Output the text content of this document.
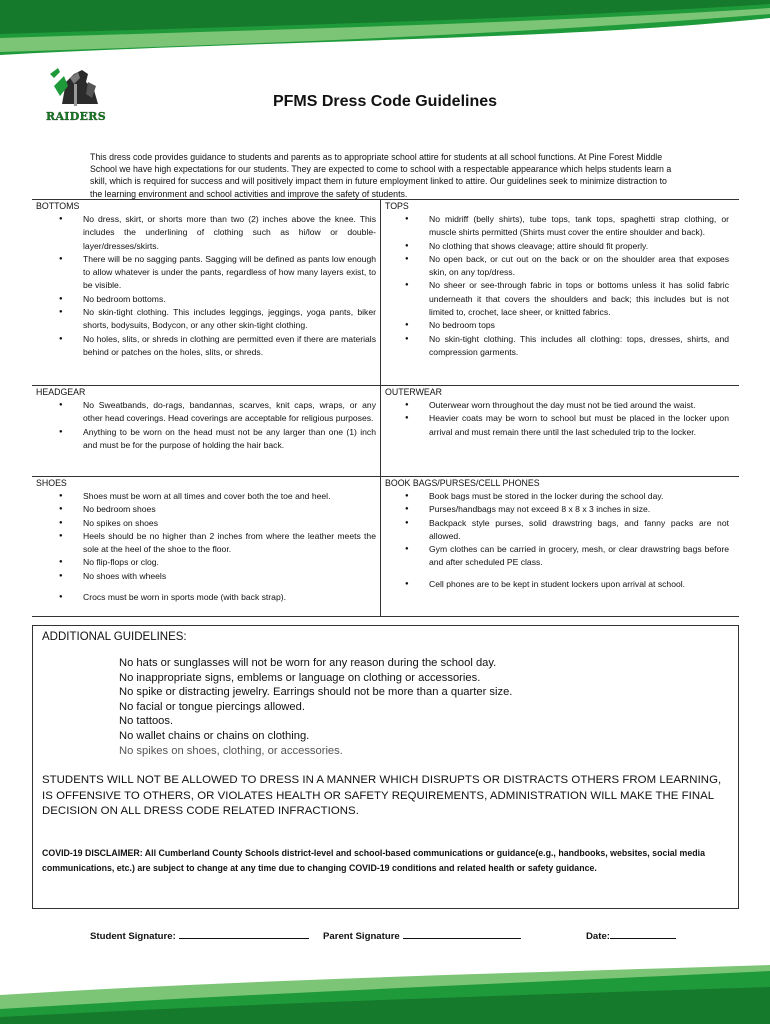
RAIDERS
PFMS Dress Code Guidelines
This dress code provides guidance to students and parents as to appropriate school attire for students at all school functions. At Pine Forest Middle School we have high expectations for our students. They are expected to come to school with a respectable appearance which helps students learn a skill, which is required for success and will positively impact them in future employment linked to attire. Our guidelines seek to minimize distraction to the learning environment and school activities and improve the safety of students.
BOTTOMS
● No dress, skirt, or shorts more than two (2) inches above the knee. This includes the underlining of clothing such as hi/low or double-layer/dresses/skirts.
● There will be no sagging pants. Sagging will be defined as pants low enough to allow whatever is under the pants, regardless of how many layers exist, to be visible.
● No bedroom bottoms.
● No skin-tight clothing. This includes leggings, jeggings, yoga pants, biker shorts, bodysuits, Bodycon, or any other skin-tight clothing.
● No holes, slits, or shreds in clothing are permitted even if there are materials behind or patches on the holes, slits, or shreds.
TOPS
● No midriff (belly shirts), tube tops, tank tops, spaghetti strap clothing, or muscle shirts permitted (Shirts must cover the entire shoulder and back).
● No clothing that shows cleavage; attire should fit properly.
● No open back, or cut out on the back or on the shoulder area that exposes skin, on any top/dress.
● No sheer or see-through fabric in tops or bottoms unless it has solid fabric underneath it that covers the shoulders and back; this includes but is not limited to, crochet, lace sheer, or knitted fabrics.
● No bedroom tops
● No skin-tight clothing. This includes all clothing: tops, dresses, shirts, and compression garments.
HEADGEAR
● No Sweatbands, do-rags, bandannas, scarves, knit caps, wraps, or any other head coverings. Head coverings are acceptable for religious purposes.
● Anything to be worn on the head must not be any larger than one (1) inch and must be for the purpose of holding the hair back.
OUTERWEAR
● Outerwear worn throughout the day must not be tied around the waist.
● Heavier coats may be worn to school but must be placed in the locker upon arrival and must remain there until the last scheduled trip to the locker.
SHOES
● Shoes must be worn at all times and cover both the toe and heel.
● No bedroom shoes
● No spikes on shoes
● Heels should be no higher than 2 inches from where the leather meets the sole at the heel of the shoe to the floor.
● No flip-flops or clog.
● No shoes with wheels
● Crocs must be worn in sports mode (with back strap).
BOOK BAGS/PURSES/CELL PHONES
● Book bags must be stored in the locker during the school day.
● Purses/handbags may not exceed 8 x 8 x 3 inches in size.
● Backpack style purses, solid drawstring bags, and fanny packs are not allowed.
● Gym clothes can be carried in grocery, mesh, or clear drawstring bags before and after scheduled PE class.
● Cell phones are to be kept in student lockers upon arrival at school.
ADDITIONAL GUIDELINES:
No hats or sunglasses will not be worn for any reason during the school day.
No inappropriate signs, emblems or language on clothing or accessories.
No spike or distracting jewelry. Earrings should not be more than a quarter size.
No facial or tongue piercings allowed.
No tattoos.
No wallet chains or chains on clothing.
No spikes on shoes, clothing, or accessories.
STUDENTS WILL NOT BE ALLOWED TO DRESS IN A MANNER WHICH DISRUPTS OR DISTRACTS OTHERS FROM LEARNING, IS OFFENSIVE TO OTHERS, OR VIOLATES HEALTH OR SAFETY REQUIREMENTS, ADMINISTRATION WILL MAKE THE FINAL DECISION ON ALL DRESS CODE RELATED INFRACTIONS.
COVID-19 DISCLAIMER: All Cumberland County Schools district-level and school-based communications or guidance(e.g., handbooks, websites, social media communications, etc.) are subject to change at any time due to changing COVID-19 conditions and related health or safety guidance.
Student Signature:	Parent Signature	Date:
